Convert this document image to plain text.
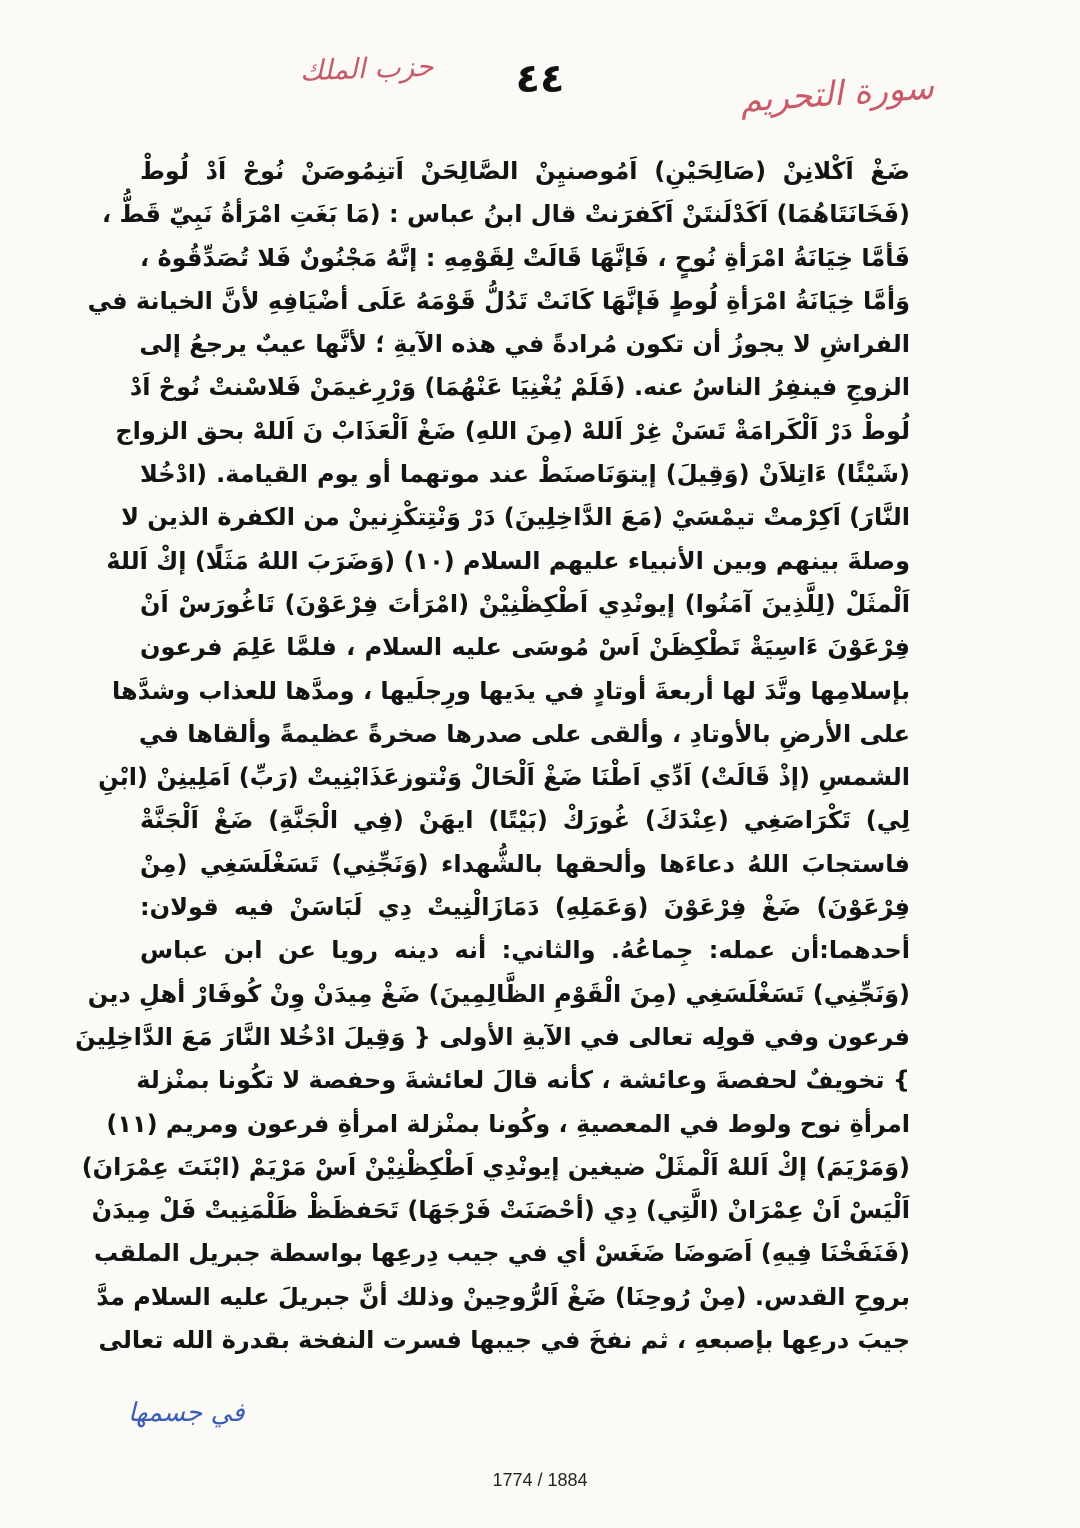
سورة التحريم
٤٤
حزب الملك
ضَغْ اَكْلانِنْ (صَالِحَيْنِ) اَمُوصنيِنْ الصَّالِحَنْ اَتنِمُوصَنْ نُوحْ اَدْ لُوطْ
(فَخَانَتَاهُمَا) اَكَدْلَنتَنْ اَكَفرَنتْ قال ابنُ عباس : (مَا بَغَتِ امْرَأةُ نَبِيّ قَطُّ ،
فَأمَّا خِيَانَةُ امْرَأةِ نُوحٍ ، فَإنَّهَا قَالَتْ لِقَوْمِهِ : إنَّهُ مَجْنُونٌ فَلا تُصَدِّقُوهُ ،
وَأمَّا خِيَانَةُ امْرَأةِ لُوطٍ فَإنَّهَا كَانَتْ تَدُلُّ قَوْمَهُ عَلَى أضْيَافِهِ لأنَّ الخيانة في
الفراشِ لا يجوزُ أن تكون مُرادةً في هذه الآيةِ ؛ لأنَّها عيبٌ يرجعُ إلى
الزوجِ فينفِرُ الناسُ عنه. (فَلَمْ يُغْنِيَا عَنْهُمَا) وَرْرِغيمَنْ فَلاسْنتْ نُوحْ اَدْ
لُوطْ دَرْ اَلْكَرامَةْ تَسَنْ غِرْ اَللهْ (مِنَ اللهِ) ضَغْ اَلْعَذَابْ نَ اَللهْ بحق الزواج
(شَيْئًا) ءَاتِلاَنْ (وَقِيلَ) إيتوَنَاصنَطْ عند موتهما أو يوم القيامة. (ادْخُلا
النَّارَ) اَكِرْمتْ تيمْسَيْ (مَعَ الدَّاخِلِينَ) دَرْ وَنْتِتكْزِنينْ من الكفرة الذين لا
وصلةَ بينهم وبين الأنبياء عليهم السلام (١٠) (وَضَرَبَ اللهُ مَثَلًا) إكْ اَللهْ
اَلْمثَلْ (لِلَّذِينَ آمَنُوا) إيونْدِي اَطْكِظْنِيْنْ (امْرَأتَ فِرْعَوْنَ) تَاغُورَسْ اَنْ
فِرْعَوْنَ ءَاسِيَةْ تَطْكِظَنْ اَسْ مُوسَى عليه السلام ، فلمَّا عَلِمَ فرعون
بإسلامِها وتَّدَ لها أربعةَ أوتادٍ في يدَيها ورِجلَيها ، ومدَّها للعذاب وشدَّها
على الأرضِ بالأوتادِ ، وألقى على صدرها صخرةً عظيمةً وألقاها في
الشمسِ (إذْ قَالَتْ) اَدِّي اَطْنَا ضَغْ اَلْحَالْ وَنْتوزعَذَابْنِيتْ (رَبِّ) اَمَلِينِنْ (ابْنِ
لِي) تَكْرَاصَغِي (عِنْدَكَ) غُورَكْ (بَيْتًا) ايهَنْ (فِي الْجَنَّةِ) ضَغْ اَلْجَنَّةْ
فاستجابَ اللهُ دعاءَها وألحقها بالشُّهداء (وَنَجِّنِي) تَسَغْلَسَغِي (مِنْ
فِرْعَوْنَ) ضَغْ فِرْعَوْنَ (وَعَمَلِهِ) دَمَازَالْنِيتْ دِي لَبَاسَنْ فيه قولان:
أحدهما:أن عمله: جِماعُهُ. والثاني: أنه دينه رويا عن ابن عباس
(وَنَجِّنِي) تَسَغْلَسَغِي (مِنَ الْقَوْمِ الظَّالِمِينَ) ضَغْ مِيدَنْ وِنْ كُوفَارْ أهلِ دين
فرعون وفي قولِه تعالى في الآيةِ الأولى { وَقِيلَ ادْخُلا النَّارَ مَعَ الدَّاخِلِينَ
} تخويفٌ لحفصةَ وعائشة ، كأنه قالَ لعائشةَ وحفصة لا تكُونا بمنْزلة
امرأةِ نوح ولوط في المعصيةِ ، وكُونا بمنْزلة امرأةِ فرعون ومريم (١١)
(وَمَرْيَمَ) إكْ اَللهْ اَلْمثَلْ ضيغين إيونْدِي اَطْكِظْنِيْنْ اَسْ مَرْيَمْ (ابْنَتَ عِمْرَانَ)
اَلْيَسْ اَنْ عِمْرَانْ (الَّتِي) دِي (أحْصَنَتْ فَرْجَهَا) تَحَفظَظْ ظَلْمَنِيتْ فَلْ مِيدَنْ
(فَنَفَخْنَا فِيهِ) اَصَوضَا ضَغَسْ أي في جيب دِرعِها بواسطة جبريل الملقب
بروحِ القدس. (مِنْ رُوحِنَا) ضَغْ اَلرُّوحِينْ وذلك أنَّ جبريلَ عليه السلام مدَّ
جيبَ درعِها بإصبعهِ ، ثم نفخَ في جيبها فسرت النفخة بقدرة الله تعالى
في جسمها
1774 / 1884
